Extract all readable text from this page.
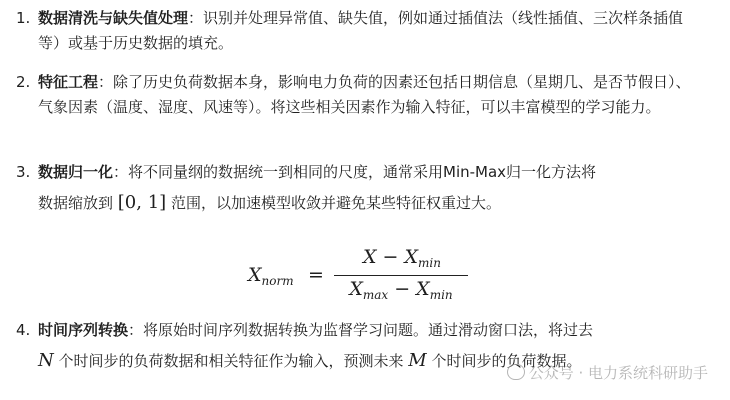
1. 数据清洗与缺失值处理：识别并处理异常值、缺失值，例如通过插值法（线性插值、三次样条插值等）或基于历史数据的填充。
2. 特征工程：除了历史负荷数据本身，影响电力负荷的因素还包括日期信息（星期几、是否节假日）、气象因素（温度、湿度、风速等）。将这些相关因素作为输入特征，可以丰富模型的学习能力。
3. 数据归一化：将不同量纲的数据统一到相同的尺度，通常采用Min-Max归一化方法将
数据缩放到 [0, 1] 范围，以加速模型收敛并避免某些特征权重过大。
4. 时间序列转换：将原始时间序列数据转换为监督学习问题。通过滑动窗口法，将过去
N 个时间步的负荷数据和相关特征作为输入，预测未来 M 个时间步的负荷数据。
$X_{norm}$ =
$X - X_{min}$
$X_{max} - X_{min}$
公众号 · 电力系统科研助手
